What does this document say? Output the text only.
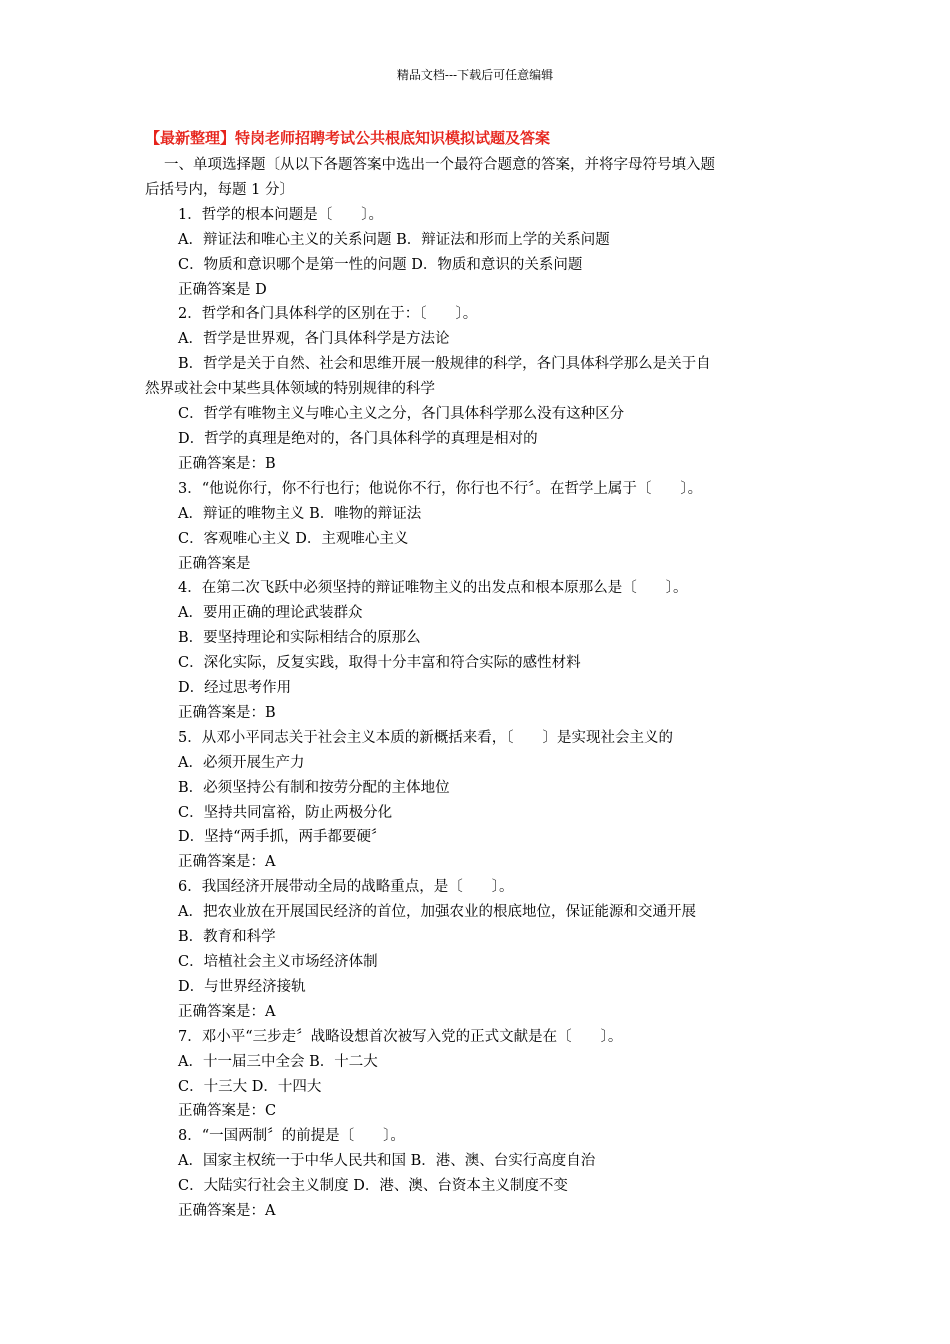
精品文档---下载后可任意编辑
【最新整理】特岗老师招聘考试公共根底知识模拟试题及答案
一、单项选择题〔从以下各题答案中选出一个最符合题意的答案，并将字母符号填入题
后括号内，每题 1 分〕
1．哲学的根本问题是〔　　〕。
A．辩证法和唯心主义的关系问题 B．辩证法和形而上学的关系问题
C．物质和意识哪个是第一性的问题 D．物质和意识的关系问题
正确答案是 D
2．哲学和各门具体科学的区别在于：〔　　〕。
A．哲学是世界观，各门具体科学是方法论
B．哲学是关于自然、社会和思维开展一般规律的科学，各门具体科学那么是关于自
然界或社会中某些具体领域的特别规律的科学
C．哲学有唯物主义与唯心主义之分，各门具体科学那么没有这种区分
D．哲学的真理是绝对的，各门具体科学的真理是相对的
正确答案是：B
3．“他说你行，你不行也行；他说你不行，你行也不行〞。在哲学上属于〔　　〕。
A．辩证的唯物主义 B．唯物的辩证法
C．客观唯心主义 D．主观唯心主义
正确答案是
4．在第二次飞跃中必须坚持的辩证唯物主义的出发点和根本原那么是〔　　〕。
A．要用正确的理论武装群众
B．要坚持理论和实际相结合的原那么
C．深化实际，反复实践，取得十分丰富和符合实际的感性材料
D．经过思考作用
正确答案是：B
5．从邓小平同志关于社会主义本质的新概括来看，〔　　〕是实现社会主义的
A．必须开展生产力
B．必须坚持公有制和按劳分配的主体地位
C．坚持共同富裕，防止两极分化
D．坚持“两手抓，两手都要硬〞
正确答案是：A
6．我国经济开展带动全局的战略重点，是〔　　〕。
A．把农业放在开展国民经济的首位，加强农业的根底地位，保证能源和交通开展
B．教育和科学
C．培植社会主义市场经济体制
D．与世界经济接轨
正确答案是：A
7．邓小平“三步走〞战略设想首次被写入党的正式文献是在〔　　〕。
A．十一届三中全会 B．十二大
C．十三大 D．十四大
正确答案是：C
8．“一国两制〞的前提是〔　　〕。
A．国家主权统一于中华人民共和国 B．港、澳、台实行高度自治
C．大陆实行社会主义制度 D．港、澳、台资本主义制度不变
正确答案是：A
